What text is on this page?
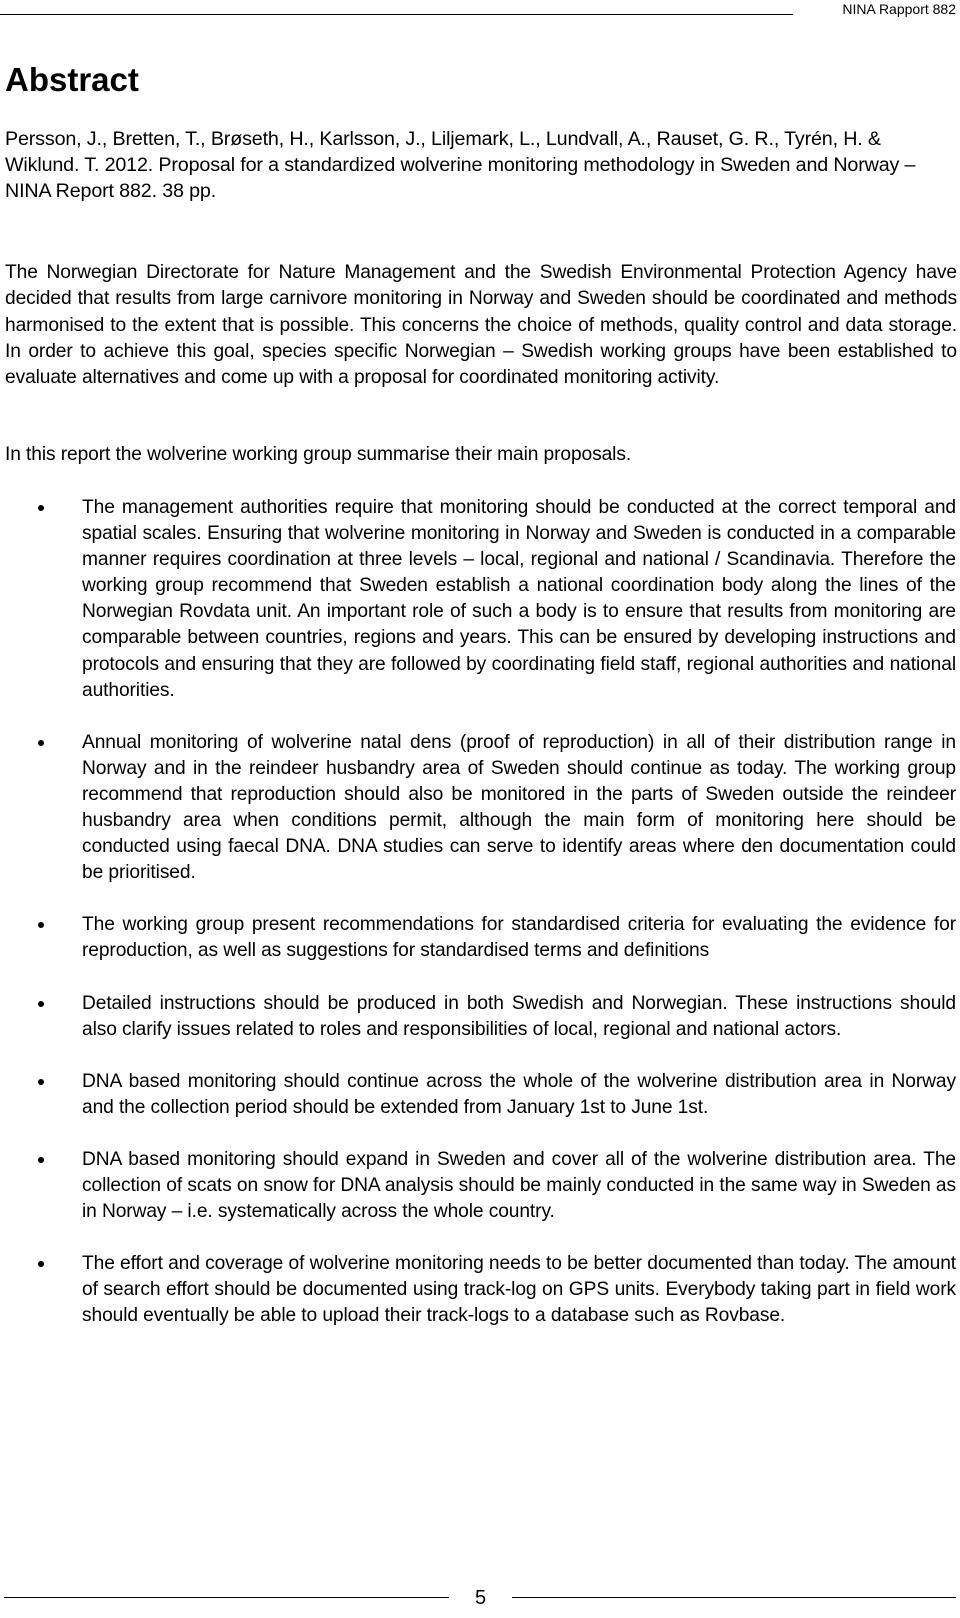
NINA Rapport 882
Abstract

Persson, J., Bretten, T., Brøseth, H., Karlsson, J., Liljemark, L., Lundvall, A., Rauset, G. R., Tyrén, H. & Wiklund. T. 2012. Proposal for a standardized wolverine monitoring methodology in Sweden and Norway – NINA Report 882. 38 pp.

The Norwegian Directorate for Nature Management and the Swedish Environmental Protection Agency have decided that results from large carnivore monitoring in Norway and Sweden should be coordinated and methods harmonised to the extent that is possible. This concerns the choice of methods, quality control and data storage. In order to achieve this goal, species specific Norwegian – Swedish working groups have been established to evaluate alternatives and come up with a proposal for coordinated monitoring activity.

In this report the wolverine working group summarise their main proposals.

The management authorities require that monitoring should be conducted at the correct temporal and spatial scales. Ensuring that wolverine monitoring in Norway and Sweden is conducted in a comparable manner requires coordination at three levels – local, regional and national / Scandinavia. Therefore the working group recommend that Sweden establish a national coordination body along the lines of the Norwegian Rovdata unit. An important role of such a body is to ensure that results from monitoring are comparable between countries, regions and years. This can be ensured by developing instructions and protocols and ensuring that they are followed by coordinating field staff, regional authorities and national authorities.
Annual monitoring of wolverine natal dens (proof of reproduction) in all of their distribution range in Norway and in the reindeer husbandry area of Sweden should continue as today. The working group recommend that reproduction should also be monitored in the parts of Sweden outside the reindeer husbandry area when conditions permit, although the main form of monitoring here should be conducted using faecal DNA. DNA studies can serve to identify areas where den documentation could be prioritised.
The working group present recommendations for standardised criteria for evaluating the evidence for reproduction, as well as suggestions for standardised terms and definitions
Detailed instructions should be produced in both Swedish and Norwegian. These instructions should also clarify issues related to roles and responsibilities of local, regional and national actors.
DNA based monitoring should continue across the whole of the wolverine distribution area in Norway and the collection period should be extended from January 1st to June 1st.
DNA based monitoring should expand in Sweden and cover all of the wolverine distribution area. The collection of scats on snow for DNA analysis should be mainly conducted in the same way in Sweden as in Norway – i.e. systematically across the whole country.
The effort and coverage of wolverine monitoring needs to be better documented than today. The amount of search effort should be documented using track-log on GPS units. Everybody taking part in field work should eventually be able to upload their track-logs to a database such as Rovbase.
5
